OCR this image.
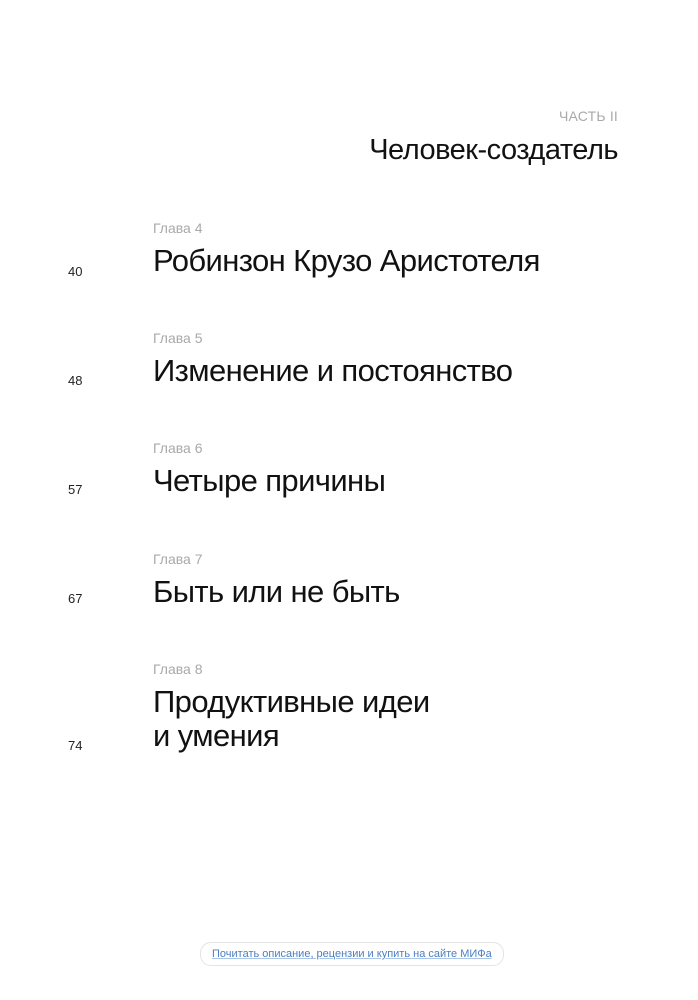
ЧАСТЬ II
Человек-создатель
Глава 4
Робинзон Крузо Аристотеля
40
Глава 5
Изменение и постоянство
48
Глава 6
Четыре причины
57
Глава 7
Быть или не быть
67
Глава 8
Продуктивные идеи
и умения
74
Почитать описание, рецензии и купить на сайте МИФа
